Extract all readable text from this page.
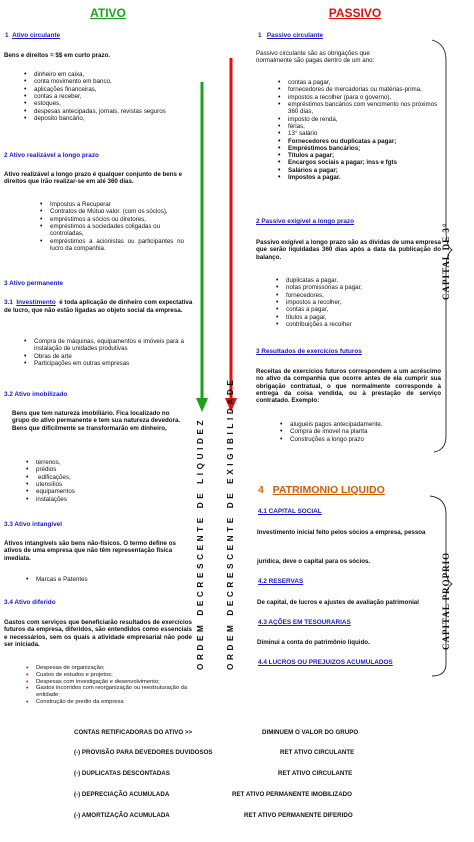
ATIVO	PASSIVO
1 Ativo circulante
Bens e direitos = $$ em curto prazo.
• dinheiro em caixa,
• conta movimento em banco,
• aplicações financeiras,
• contas a receber,
• estoques,
• despesas antecipadas, jornais, revistas seguros
• deposito bancário,
2 Ativo realizável a longo prazo
Ativo realizável a longo prazo é qualquer conjunto de bens e direitos que irão realizar-se em até 360 dias.
• Impostos a Recuperar
• Contratos de Mútuo valor. (com os sócios),
• empréstimos a sócios ou diretores,
• empréstimos a sociedades coligadas ou controladas,
• empréstimos a acionistas ou participantes no lucro da companhia.
3 Ativo permanente
3.1 Investimento é toda aplicação de dinheiro com expectativa de lucro, que não estão ligadas ao objeto social da empresa.
• Compra de máquinas, equipamentos e imóveis para a instalação de unidades produtivas
• Obras de arte
• Participações em outras empresas
3.2 Ativo imobilizado
Bens que tem natureza imobiliário. Fica localizado no grupo do ativo permanente e tem sua natureza devedora. Bens que dificilmente se transformarão em dinheiro,
• terrenos,
• prédios
• edificações,
• utensílios
• equipamentos
• instalações
3.3 Ativo intangível
Ativos intangíveis são bens não-físicos. O termo define os ativos de uma empresa que não têm representação física imediata.
• Marcas e Patentes
3.4 Ativo diferido
Gastos com serviços que beneficiarão resultados de exercícios futuros da empresa, diferidos, são entendidos como essenciais e necessários, sem os quais a atividade empresarial não pode ser iniciada.
• Despesas de organização;
• Custos de estudos e projetos;
• Despesas com investigação e desenvolvimento;
• Gastos incorridos com reorganização ou reestruturação da entidade;
• Construção de predio da empresa
ORDEM DECRESCENTE DE LIQUIDEZ	ORDEM DECRESCENTE DE EXIGIBILIDADE
1 Passivo circulante
Passivo circulante são as obrigações que normalmente são pagas dentro de um ano:
• contas a pagar,
• fornecedores de mercadorias ou matérias-prima,
• impostos a recolher (para o governo),
• empréstimos bancários com vencimento nos próximos 360 dias,
• imposto de renda,
• férias,
• 13° salário
• Fornecedores ou duplicatas a pagar;
• Empréstimos bancários;
• Títulos a pagar;
• Encargos sociais a pagar; inss e fgts
• Salários a pagar;
• Impostos a pagar.
2 Passivo exigível a longo prazo
Passivo exigível a longo prazo são as dívidas de uma empresa que serão liquidadas 360 dias após a data da publicação do balanço.
• duplicatas a pagar,
• notas promissórias a pagar,
• fornecedores,
• impostos a recolher,
• contas a pagar,
• títulos a pagar,
• contribuições a recolher
3 Resultados de exercícios futuros
Receitas de exercícios futuros correspondem a um acréscimo no ativo da companhia que ocorre antes de ela cumprir sua obrigação contratual, o que normalmente corresponde à entrega da coisa vendida, ou à prestação de serviço contratado. Exemplo:
• aluguéis pagos antecipadamente.
• Compra de imovel na planta
• Construções a longo prazo
4 PATRIMONIO LIQUIDO
4.1 CAPITAL SOCIAL
Investimento inicial feito pelos sócios a empresa, pessoa
jurídica, deve o capital para os sócios.
4.2 RESERVAS
De capital, de lucros e ajustes de avaliação patrimonial
4.3 AÇÕES EM TESOURARIAS
Diminui a conta do patrimônio liquido.
4.4 LUCROS OU PREJUIZOS ACUMULADOS
CAPITAL DE 3°
CAPITAL PROPRIO
CONTAS RETIFICADORAS DO ATIVO >>	DIMINUEM O VALOR DO GRUPO
(-) PROVISÃO PARA DEVEDORES DUVIDOSOS	RET ATIVO CIRCULANTE
(-) DUPLICATAS DESCONTADAS	RET ATIVO CIRCULANTE
(-) DEPRECIAÇÃO ACUMULADA	RET ATIVO PERMANENTE IMOBILIZADO
(-) AMORTIZAÇÃO ACUMULADA	RET ATIVO PERMANENTE DIFERIDO
